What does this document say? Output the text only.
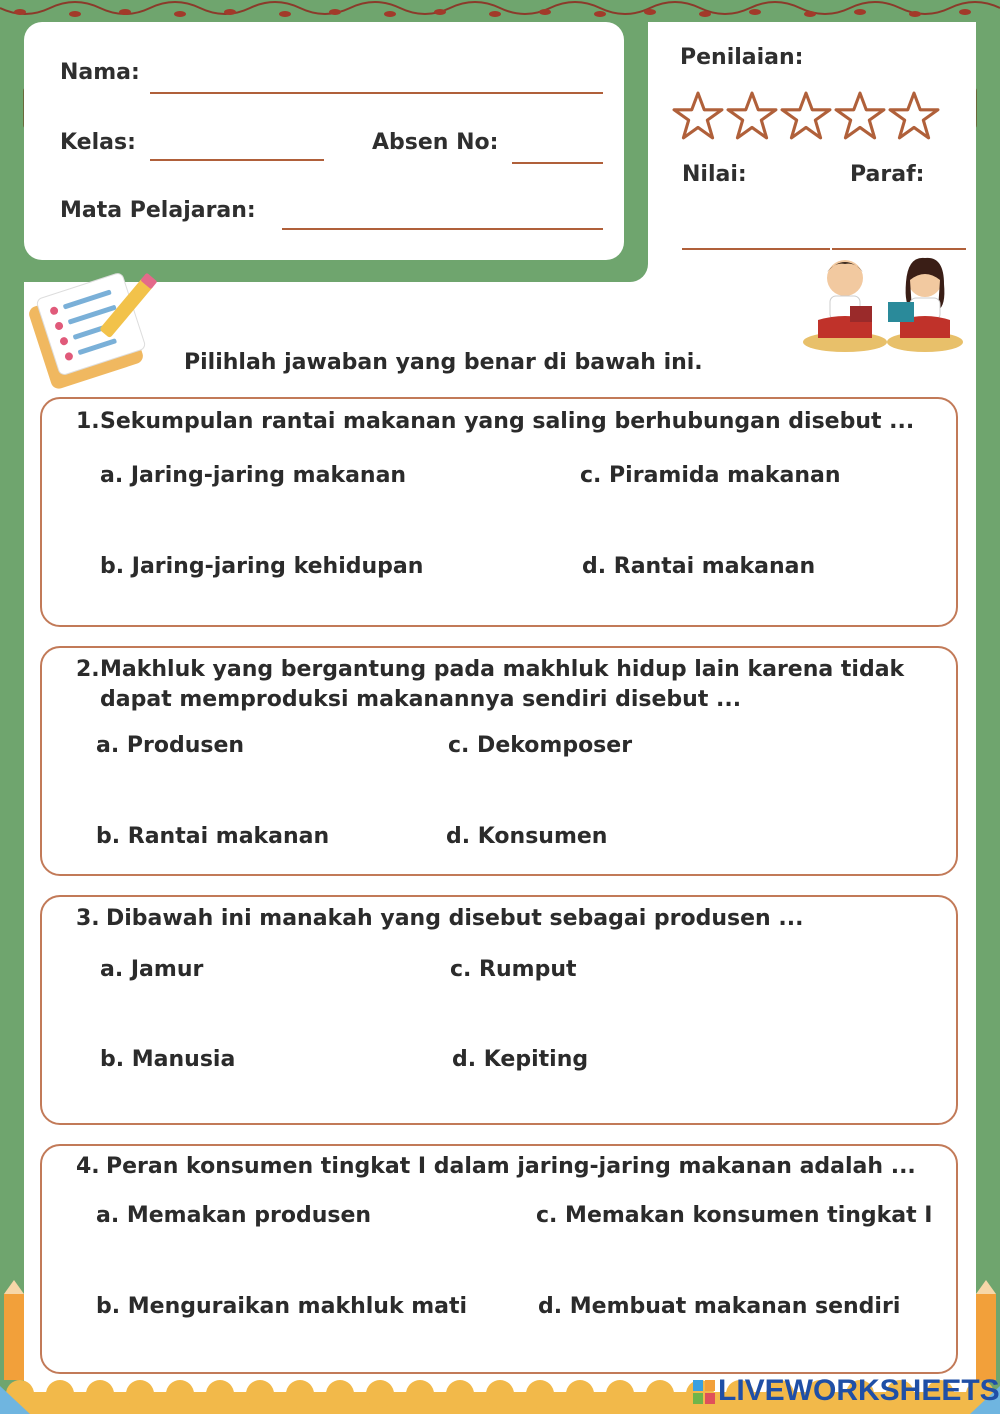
Nama:
Kelas:	Absen No:
Mata Pelajaran:
Penilaian:
Nilai:	Paraf:
Pilihlah jawaban yang benar di bawah ini.
1. Sekumpulan rantai makanan yang saling berhubungan disebut ...
a. Jaring-jaring makanan	c. Piramida makanan
b. Jaring-jaring kehidupan	d. Rantai makanan
2. Makhluk yang bergantung pada makhluk hidup lain karena tidak
dapat memproduksi makanannya sendiri disebut ...
a. Produsen	c. Dekomposer
b. Rantai makanan	d. Konsumen
3. Dibawah ini manakah yang disebut sebagai produsen ...
a. Jamur	c. Rumput
b. Manusia	d. Kepiting
4. Peran konsumen tingkat I dalam jaring-jaring makanan adalah ...
a. Memakan produsen	c. Memakan konsumen tingkat I
b. Menguraikan makhluk mati	d. Membuat makanan sendiri
LIVEWORKSHEETS
